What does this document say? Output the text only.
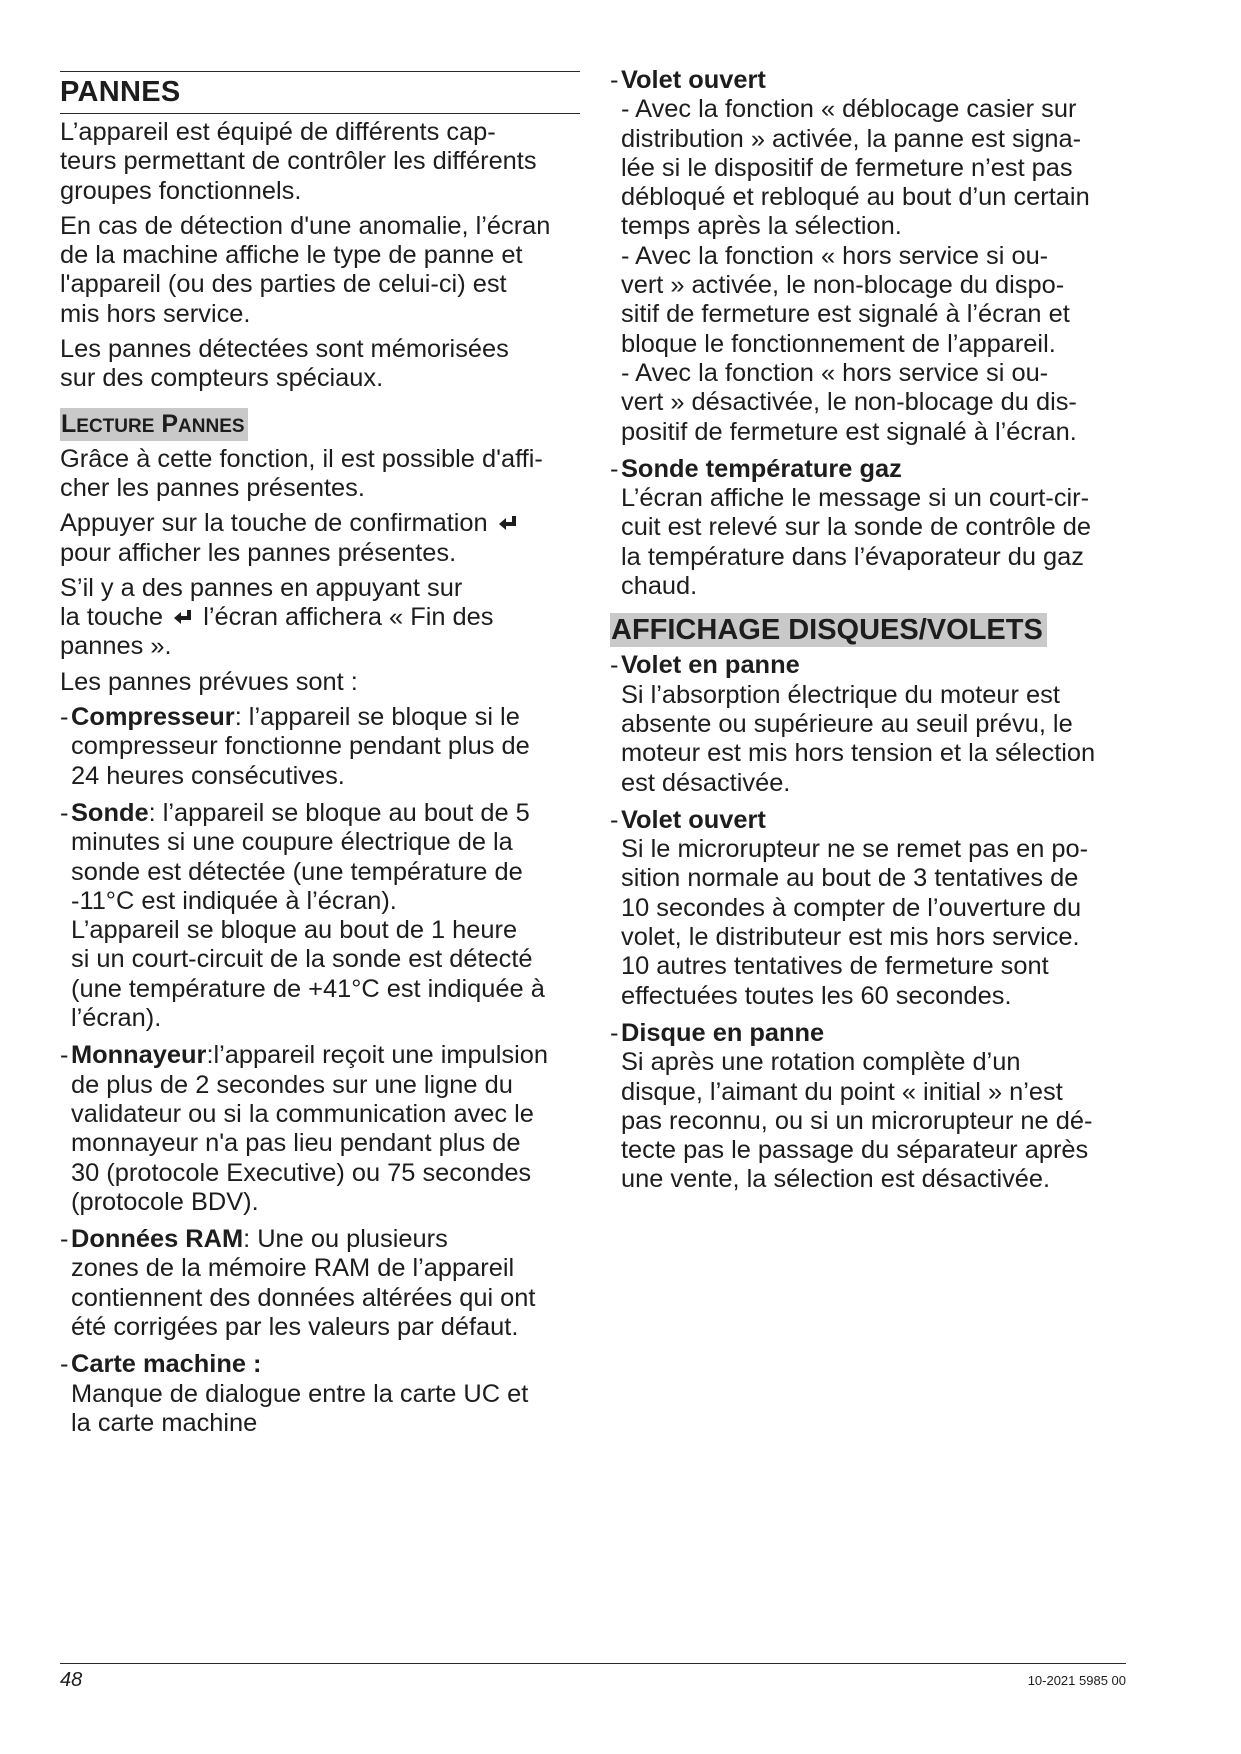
PANNES

L’appareil est équipé de différents cap-
teurs permettant de contrôler les différents
groupes fonctionnels.

En cas de détection d'une anomalie, l’écran
de la machine affiche le type de panne et
l'appareil (ou des parties de celui-ci) est
mis hors service.

Les pannes détectées sont mémorisées
sur des compteurs spéciaux.

LECTURE PANNES

Grâce à cette fonction, il est possible d'affi-
cher les pannes présentes.

Appuyer sur la touche de confirmation
pour afficher les pannes présentes.

S’il y a des pannes en appuyant sur
la touche l’écran affichera « Fin des
pannes ».

Les pannes prévues sont :

- Compresseur: l’appareil se bloque si le
compresseur fonctionne pendant plus de
24 heures consécutives.
- Sonde: l’appareil se bloque au bout de 5
minutes si une coupure électrique de la
sonde est détectée (une température de
-11°C est indiquée à l’écran).
L’appareil se bloque au bout de 1 heure
si un court-circuit de la sonde est détecté
(une température de +41°C est indiquée à
l’écran).
- Monnayeur:l’appareil reçoit une impulsion
de plus de 2 secondes sur une ligne du
validateur ou si la communication avec le
monnayeur n'a pas lieu pendant plus de
30 (protocole Executive) ou 75 secondes
(protocole BDV).
- Données RAM: Une ou plusieurs
zones de la mémoire RAM de l’appareil
contiennent des données altérées qui ont
été corrigées par les valeurs par défaut.
- Carte machine :
Manque de dialogue entre la carte UC et
la carte machine
- Volet ouvert
- Avec la fonction « déblocage casier sur
distribution » activée, la panne est signa-
lée si le dispositif de fermeture n’est pas
débloqué et rebloqué au bout d’un certain
temps après la sélection.
- Avec la fonction « hors service si ou-
vert » activée, le non-blocage du dispo-
sitif de fermeture est signalé à l’écran et
bloque le fonctionnement de l’appareil.
- Avec la fonction « hors service si ou-
vert » désactivée, le non-blocage du dis-
positif de fermeture est signalé à l’écran.
- Sonde température gaz
L’écran affiche le message si un court-cir-
cuit est relevé sur la sonde de contrôle de
la température dans l’évaporateur du gaz
chaud.
AFFICHAGE DISQUES/VOLETS
- Volet en panne
Si l’absorption électrique du moteur est
absente ou supérieure au seuil prévu, le
moteur est mis hors tension et la sélection
est désactivée.
- Volet ouvert
Si le microrupteur ne se remet pas en po-
sition normale au bout de 3 tentatives de
10 secondes à compter de l’ouverture du
volet, le distributeur est mis hors service.
10 autres tentatives de fermeture sont
effectuées toutes les 60 secondes.
- Disque en panne
Si après une rotation complète d’un
disque, l’aimant du point « initial » n’est
pas reconnu, ou si un microrupteur ne dé-
tecte pas le passage du séparateur après
une vente, la sélection est désactivée.
48	10-2021 5985 00
